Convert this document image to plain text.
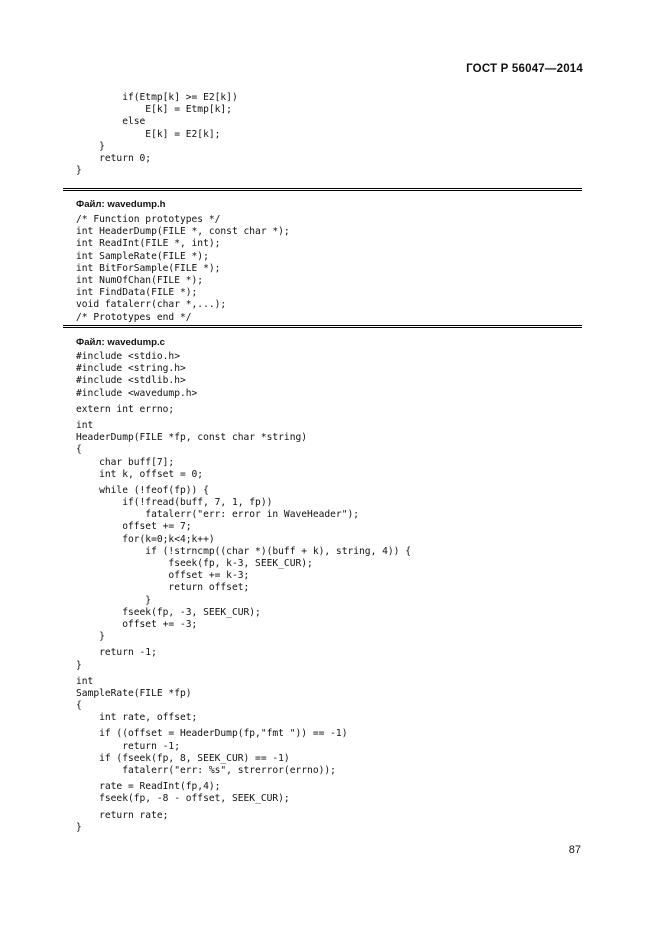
ГОСТ Р 56047—2014
if(Etmp[k] >= E2[k])
E[k] = Etmp[k];
else
E[k] = E2[k];
}
return 0;
}
Файл: wavedump.h
/* Function prototypes */
int HeaderDump(FILE *, const char *);
int ReadInt(FILE *, int);
int SampleRate(FILE *);
int BitForSample(FILE *);
int NumOfChan(FILE *);
int FindData(FILE *);
void fatalerr(char *,...);
/* Prototypes end */
Файл: wavedump.c
#include <stdio.h>
#include <string.h>
#include <stdlib.h>
#include <wavedump.h>
extern int errno;
int
HeaderDump(FILE *fp, const char *string)
{
char buff[7];
int k, offset = 0;
while (!feof(fp)) {
if(!fread(buff, 7, 1, fp))
fatalerr("err: error in WaveHeader");
offset += 7;
for(k=0;k<4;k++)
if (!strncmp((char *)(buff + k), string, 4)) {
fseek(fp, k-3, SEEK_CUR);
offset += k-3;
return offset;
}
fseek(fp, -3, SEEK_CUR);
offset += -3;
}
return -1;
}
int
SampleRate(FILE *fp)
{
int rate, offset;
if ((offset = HeaderDump(fp,"fmt ")) == -1)
return -1;
if (fseek(fp, 8, SEEK_CUR) == -1)
fatalerr("err: %s", strerror(errno));
rate = ReadInt(fp,4);
fseek(fp, -8 - offset, SEEK_CUR);
return rate;
}
87
